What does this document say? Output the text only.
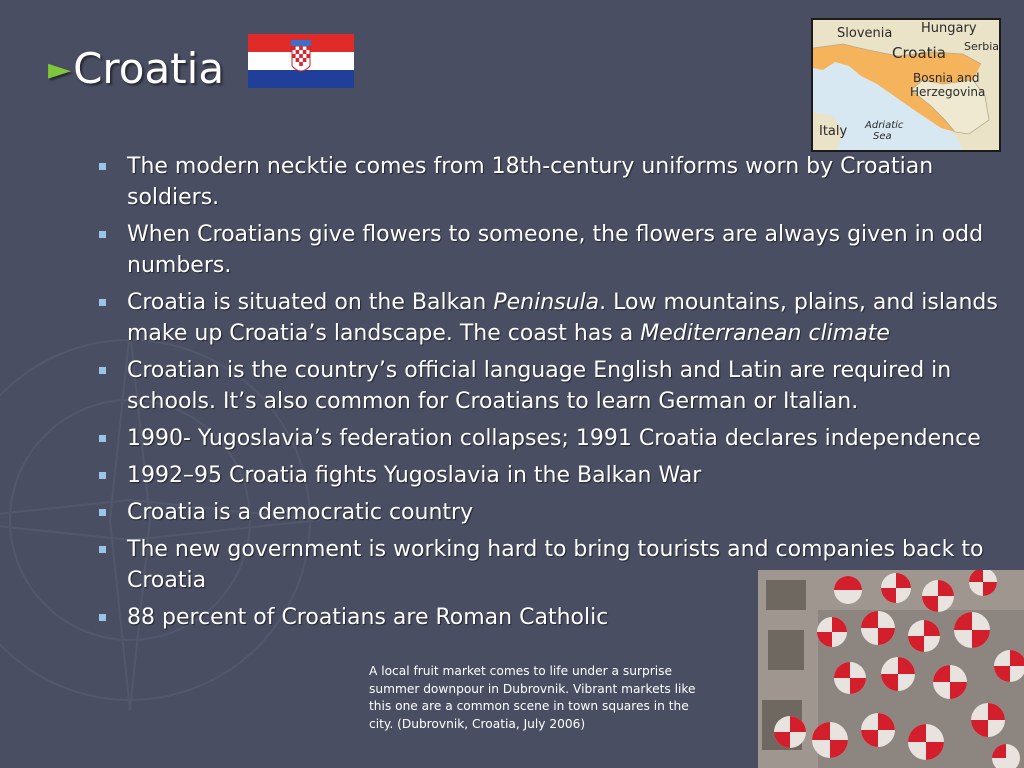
►Croatia
Slovenia Hungary
Croatia Serbia
Bosnia and
Herzegovina
Italy Adriatic
Sea
The modern necktie comes from 18th-century uniforms worn by Croatian soldiers.
When Croatians give flowers to someone, the flowers are always given in odd numbers.
Croatia is situated on the Balkan Peninsula. Low mountains, plains, and islands make up Croatia’s landscape. The coast has a Mediterranean climate
Croatian is the country’s official language English and Latin are required in schools. It’s also common for Croatians to learn German or Italian.
1990- Yugoslavia’s federation collapses; 1991 Croatia declares independence
1992–95 Croatia fights Yugoslavia in the Balkan War
Croatia is a democratic country
The new government is working hard to bring tourists and companies back to Croatia
88 percent of Croatians are Roman Catholic
A local fruit market comes to life under a surprise summer downpour in Dubrovnik. Vibrant markets like this one are a common scene in town squares in the city. (Dubrovnik, Croatia, July 2006)
